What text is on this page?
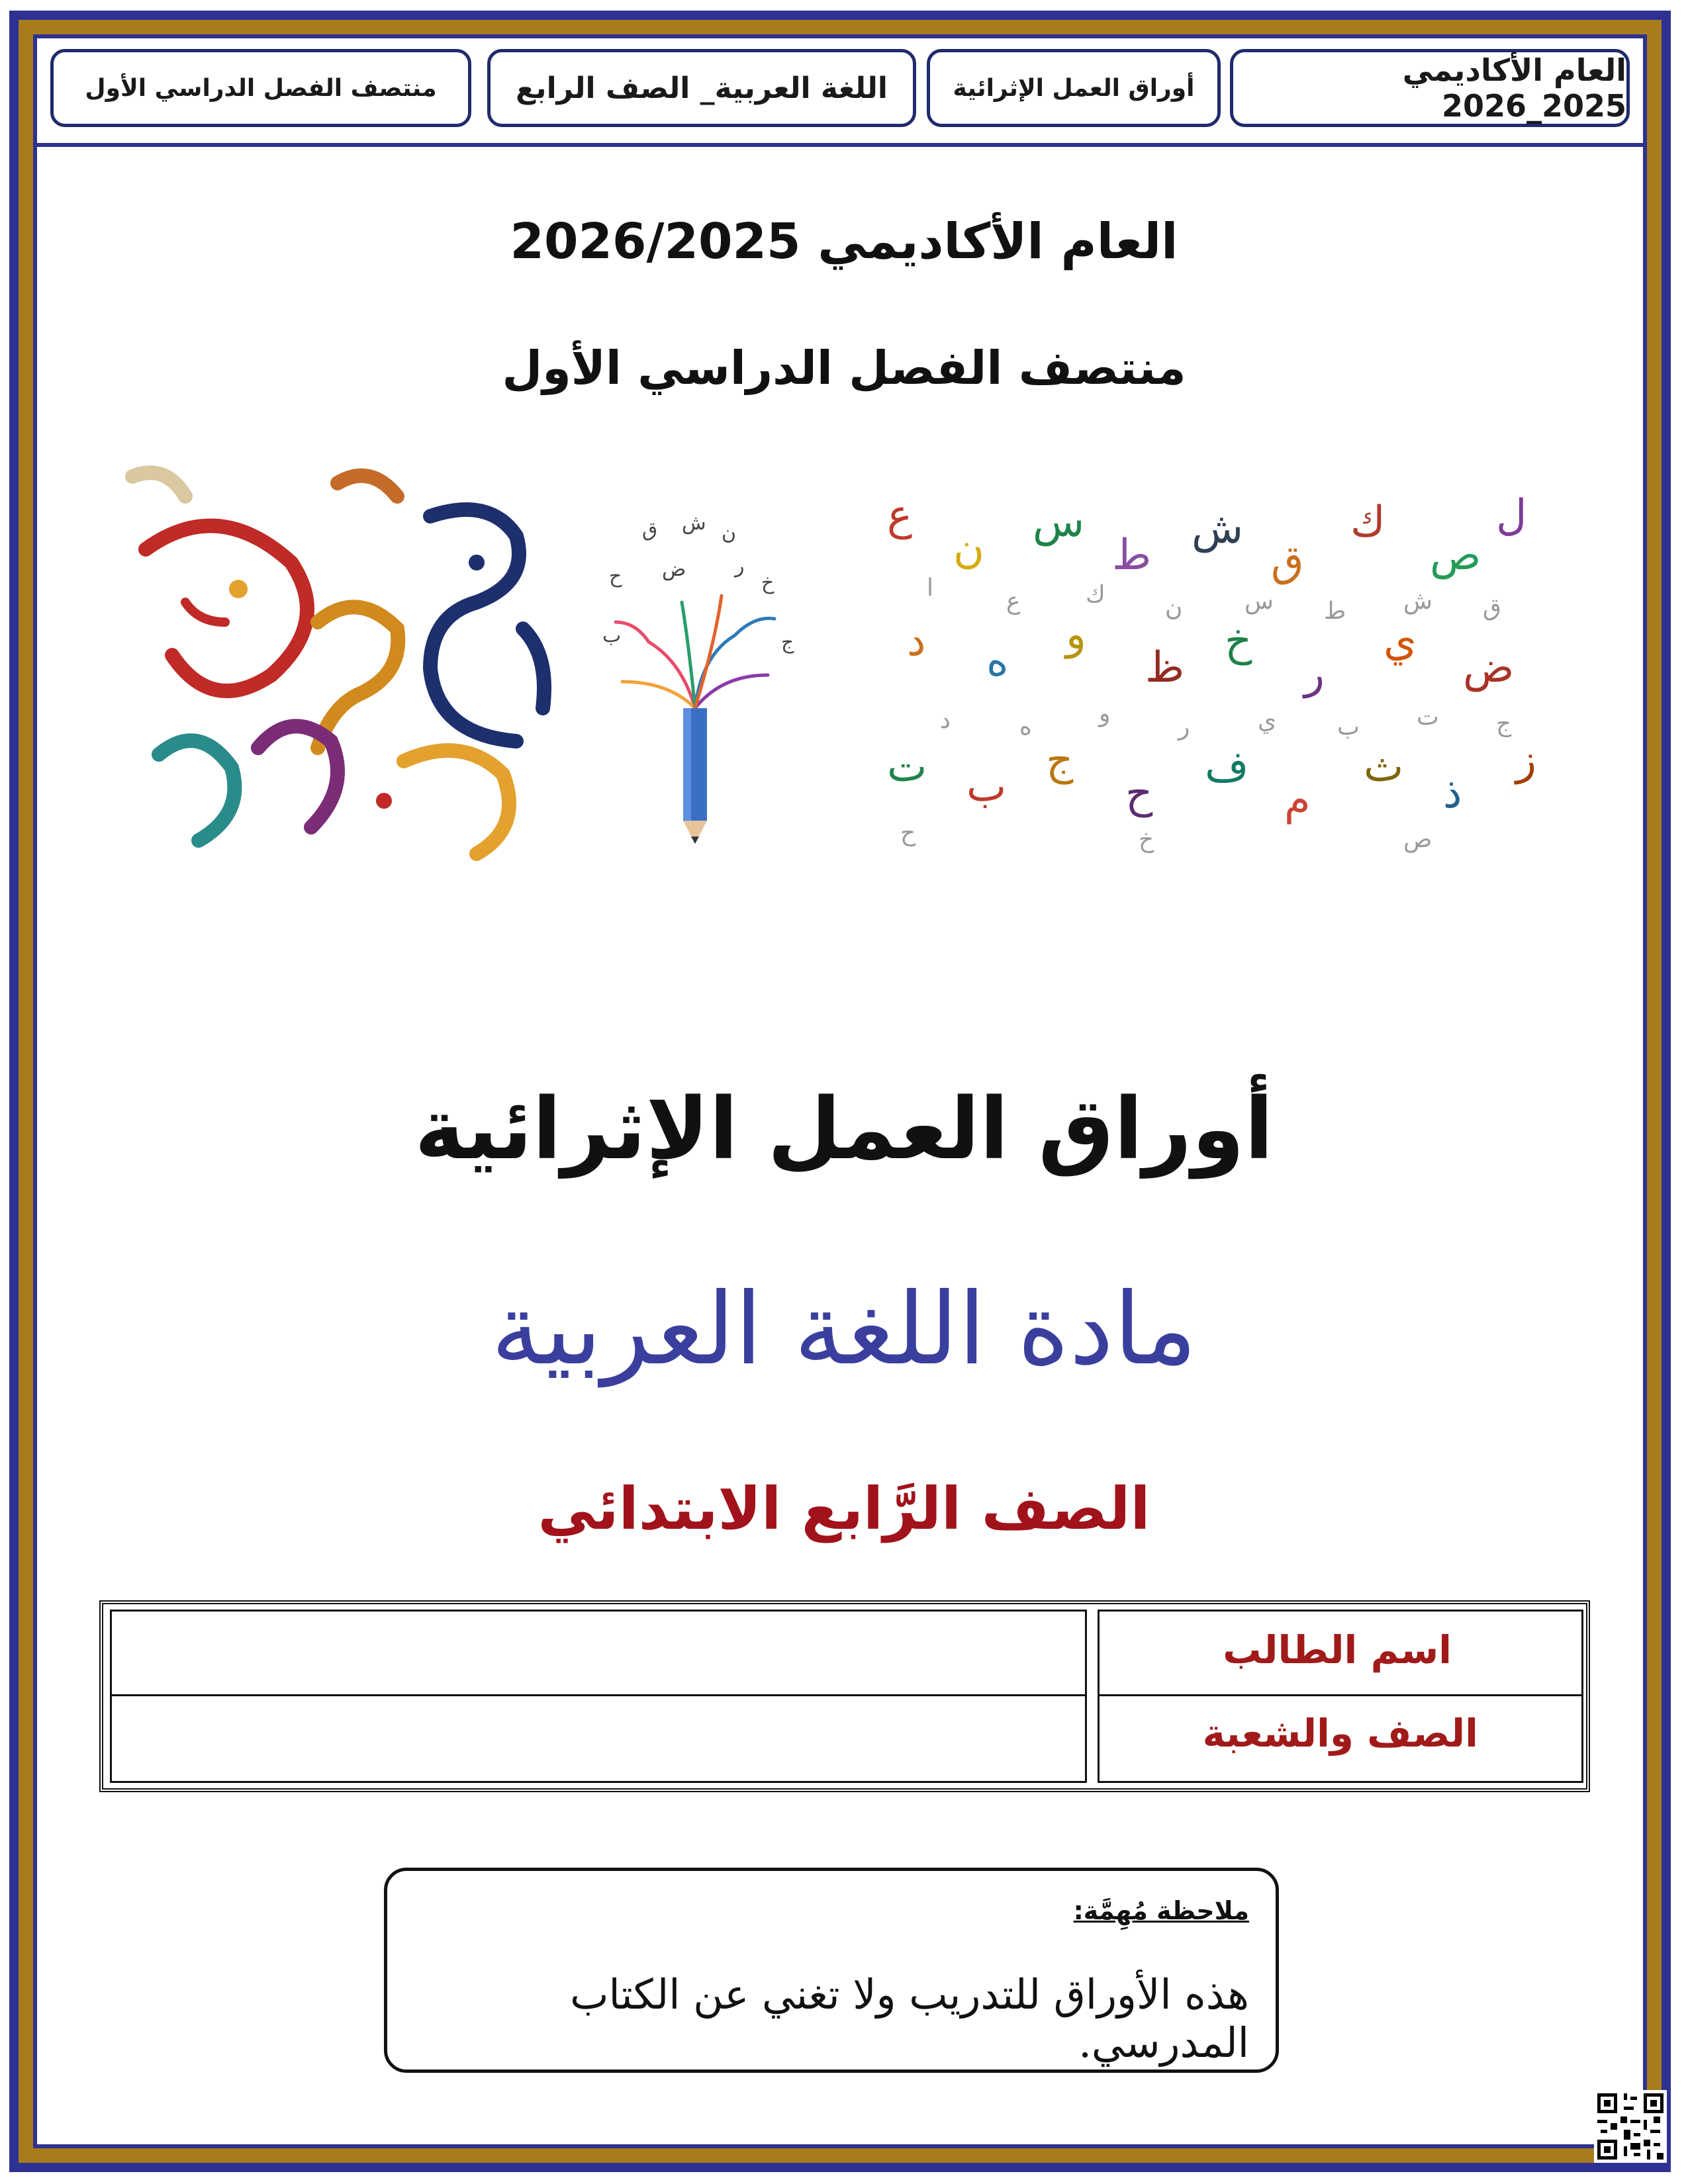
العام الأكاديمي 2025_2026
أوراق العمل الإثرائية
اللغة العربية_ الصف الرابع
منتصف الفصل الدراسي الأول
العام الأكاديمي 2026/2025
منتصف الفصل الدراسي الأول
ق ش ن
ح	خ
ض ر
ب	ج
ع
ن
س
ط
ش
ق
ك
ص
ل
د ه
و
ظ
خ
ر
ي
ض
ت ب
ج
ح
ف
م
ث
ذ
ز
ا	ع	ك	ن	س ط ش ق
د	ه	و	ر	ي	ب ت ج
ح	خ	ص
أوراق العمل الإثرائية
مادة اللغة العربية
الصف الرَّابع الابتدائي
اسم الطالب
الصف والشعبة
ملاحظة مُهِمَّة:
هذه الأوراق للتدريب ولا تغني عن الكتاب المدرسي.
